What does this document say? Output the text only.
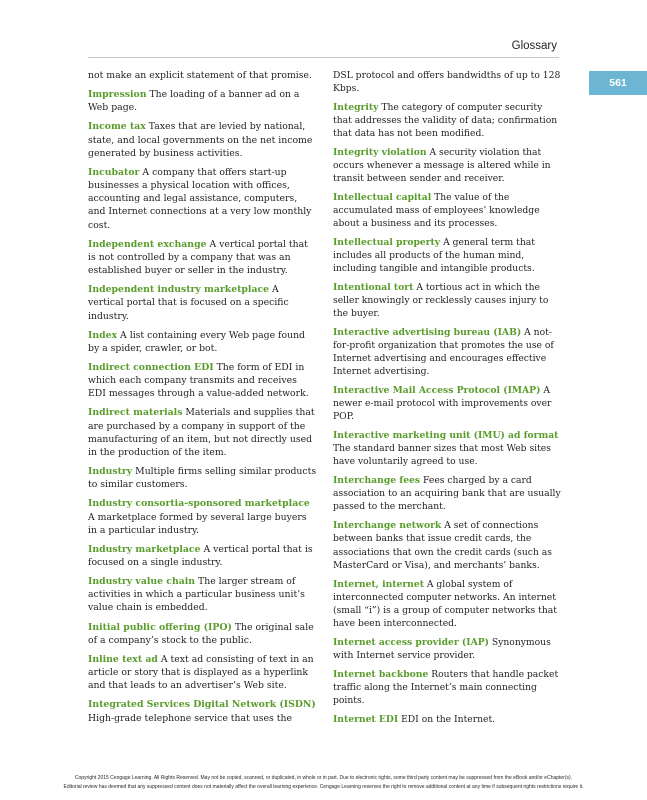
Glossary
561
not make an explicit statement of that promise.
Impression The loading of a banner ad on a Web page.
Income tax Taxes that are levied by national, state, and local governments on the net income generated by business activities.
Incubator A company that offers start-up businesses a physical location with offices, accounting and legal assistance, computers, and Internet connections at a very low monthly cost.
Independent exchange A vertical portal that is not controlled by a company that was an established buyer or seller in the industry.
Independent industry marketplace A vertical portal that is focused on a specific industry.
Index A list containing every Web page found by a spider, crawler, or bot.
Indirect connection EDI The form of EDI in which each company transmits and receives EDI messages through a value-added network.
Indirect materials Materials and supplies that are purchased by a company in support of the manufacturing of an item, but not directly used in the production of the item.
Industry Multiple firms selling similar products to similar customers.
Industry consortia-sponsored marketplace A marketplace formed by several large buyers in a particular industry.
Industry marketplace A vertical portal that is focused on a single industry.
Industry value chain The larger stream of activities in which a particular business unit’s value chain is embedded.
Initial public offering (IPO) The original sale of a company’s stock to the public.
Inline text ad A text ad consisting of text in an article or story that is displayed as a hyperlink and that leads to an advertiser’s Web site.
Integrated Services Digital Network (ISDN) High-grade telephone service that uses the
DSL protocol and offers bandwidths of up to 128 Kbps.
Integrity The category of computer security that addresses the validity of data; confirmation that data has not been modified.
Integrity violation A security violation that occurs whenever a message is altered while in transit between sender and receiver.
Intellectual capital The value of the accumulated mass of employees’ knowledge about a business and its processes.
Intellectual property A general term that includes all products of the human mind, including tangible and intangible products.
Intentional tort A tortious act in which the seller knowingly or recklessly causes injury to the buyer.
Interactive advertising bureau (IAB) A not-for-profit organization that promotes the use of Internet advertising and encourages effective Internet advertising.
Interactive Mail Access Protocol (IMAP) A newer e-mail protocol with improvements over POP.
Interactive marketing unit (IMU) ad format The standard banner sizes that most Web sites have voluntarily agreed to use.
Interchange fees Fees charged by a card association to an acquiring bank that are usually passed to the merchant.
Interchange network A set of connections between banks that issue credit cards, the associations that own the credit cards (such as MasterCard or Visa), and merchants’ banks.
Internet, internet A global system of interconnected computer networks. An internet (small “i”) is a group of computer networks that have been interconnected.
Internet access provider (IAP) Synonymous with Internet service provider.
Internet backbone Routers that handle packet traffic along the Internet’s main connecting points.
Internet EDI EDI on the Internet.
Copyright 2015 Cengage Learning. All Rights Reserved. May not be copied, scanned, or duplicated, in whole or in part. Due to electronic rights, some third party content may be suppressed from the eBook and/or eChapter(s).
Editorial review has deemed that any suppressed content does not materially affect the overall learning experience. Cengage Learning reserves the right to remove additional content at any time if subsequent rights restrictions require it.
